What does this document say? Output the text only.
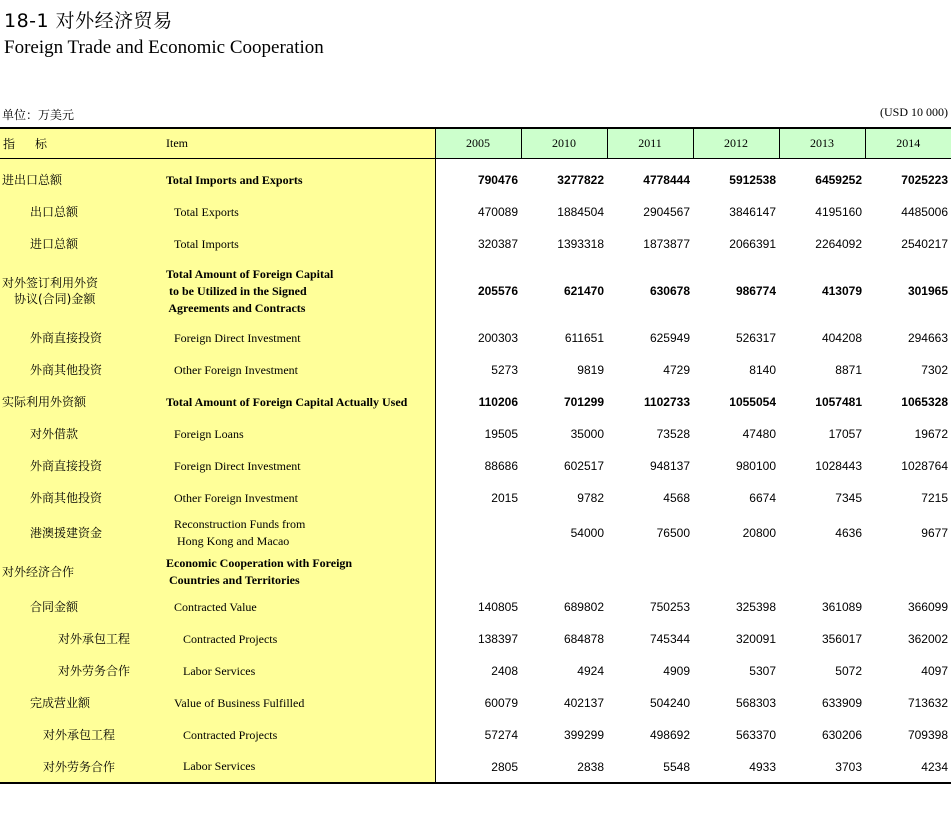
18-1 对外经济贸易
Foreign Trade and Economic Cooperation
单位：万美元	(USD 10 000)
指　标	Item	2005	2010	2011	2012	2013	2014

进出口总额	Total Imports and Exports	790476	3277822	4778444	5912538	6459252	7025223
出口总额	Total Exports	470089	1884504	2904567	3846147	4195160	4485006
进口总额	Total Imports	320387	1393318	1873877	2066391	2264092	2540217
对外签订利用外资
　协议(合同)金额	Total Amount of Foreign Capital
to be Utilized in the Signed
Agreements and Contracts	205576	621470	630678	986774	413079	301965
外商直接投资	Foreign Direct Investment	200303	611651	625949	526317	404208	294663
外商其他投资	Other Foreign Investment	5273	9819	4729	8140	8871	7302
实际利用外资额	Total Amount of Foreign Capital Actually Used	110206	701299	1102733	1055054	1057481	1065328
对外借款	Foreign Loans	19505	35000	73528	47480	17057	19672
外商直接投资	Foreign Direct Investment	88686	602517	948137	980100	1028443	1028764
外商其他投资	Other Foreign Investment	2015	9782	4568	6674	7345	7215
港澳援建资金	Reconstruction Funds from
Hong Kong and Macao		54000	76500	20800	4636	9677
对外经济合作	Economic Cooperation with Foreign
Countries and Territories						
合同金额	Contracted Value	140805	689802	750253	325398	361089	366099
对外承包工程	Contracted Projects	138397	684878	745344	320091	356017	362002
对外劳务合作	Labor Services	2408	4924	4909	5307	5072	4097
完成营业额	Value of Business Fulfilled	60079	402137	504240	568303	633909	713632
对外承包工程	Contracted Projects	57274	399299	498692	563370	630206	709398
对外劳务合作	Labor Services	2805	2838	5548	4933	3703	4234
